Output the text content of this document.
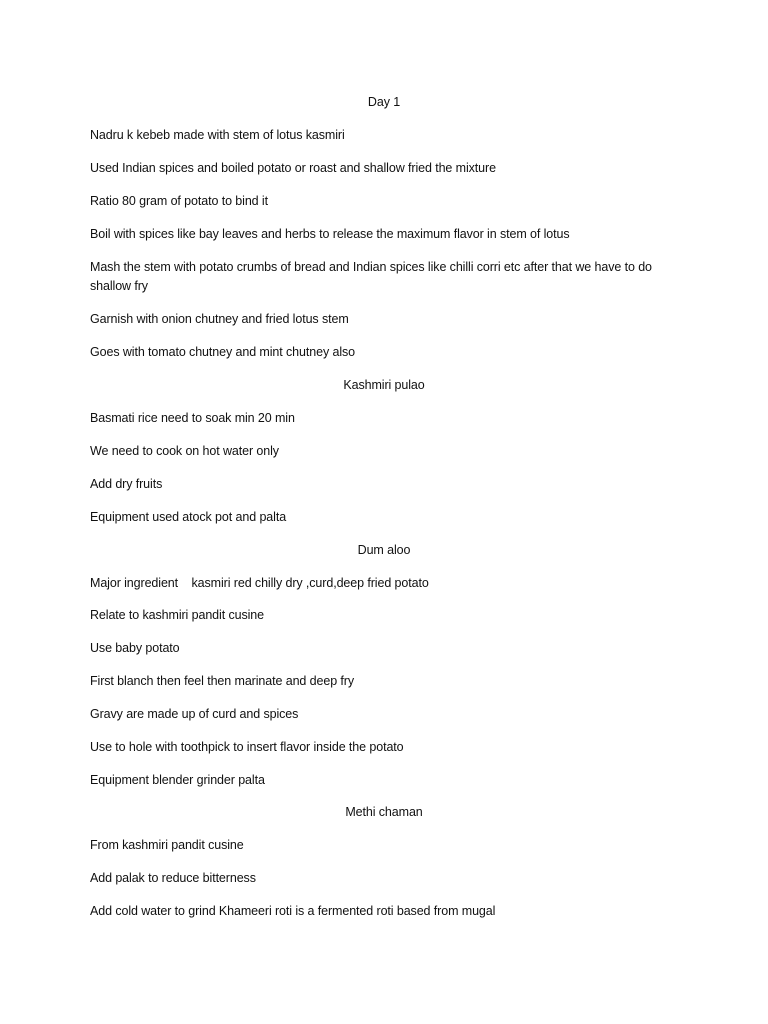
Day 1
Nadru k kebeb made with stem of lotus kasmiri
Used Indian spices and boiled potato or roast and shallow fried the mixture
Ratio 80 gram of potato to bind it
Boil with spices like bay leaves and herbs to release the maximum flavor in stem of lotus
Mash the stem with potato crumbs of bread and Indian spices like chilli corri etc after that we have to do shallow fry
Garnish with onion chutney and fried lotus stem
Goes with tomato chutney and mint chutney also
Kashmiri pulao
Basmati rice need to soak min 20 min
We need to cook on hot water only
Add dry fruits
Equipment used atock pot and palta
Dum aloo
Major ingredient    kasmiri red chilly dry ,curd,deep fried potato
Relate to kashmiri pandit cusine
Use baby potato
First blanch then feel then marinate and deep fry
Gravy are made up of curd and spices
Use to hole with toothpick to insert flavor inside the potato
Equipment blender grinder palta
Methi chaman
From kashmiri pandit cusine
Add palak to reduce bitterness
Add cold water to grind Khameeri roti is a fermented roti based from mugal
